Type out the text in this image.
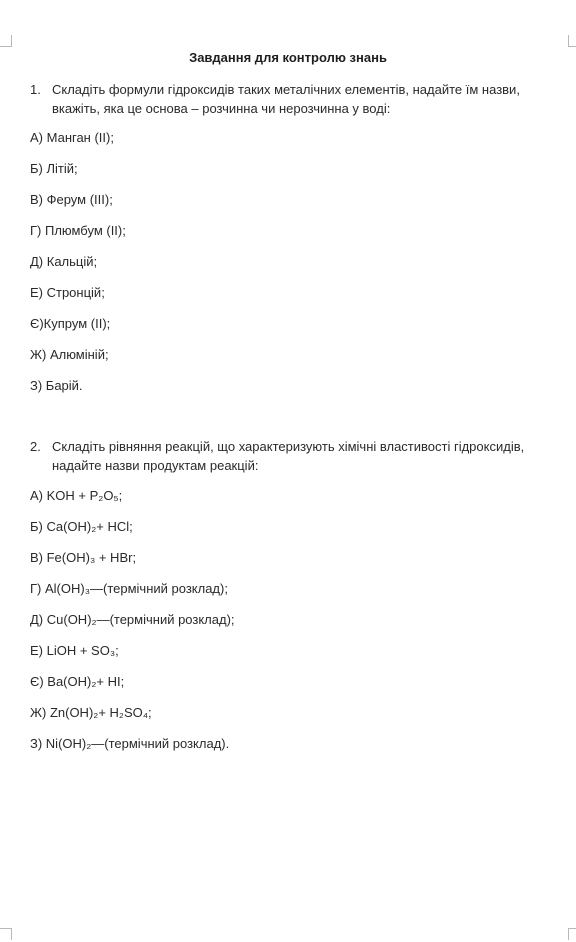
Завдання для контролю знань
1. Складіть формули гідроксидів таких металічних елементів, надайте їм назви, вкажіть, яка це основа – розчинна чи нерозчинна у воді:
А) Манган (II);
Б) Літій;
В) Ферум (III);
Г) Плюмбум (II);
Д) Кальцій;
Е) Стронцій;
Є)Купрум (II);
Ж) Алюміній;
З) Барій.
2. Складіть рівняння реакцій, що характеризують хімічні властивості гідроксидів, надайте назви продуктам реакцій:
А) KOH + P₂O₅;
Б) Ca(OH)₂+ HCl;
В) Fe(OH)₃ + HBr;
Г) Al(OH)₃—(термічний розклад);
Д) Cu(OH)₂—(термічний розклад);
Е) LiOH + SO₃;
Є) Ba(OH)₂+ HI;
Ж) Zn(OH)₂+ H₂SO₄;
З) Ni(OH)₂—(термічний розклад).
